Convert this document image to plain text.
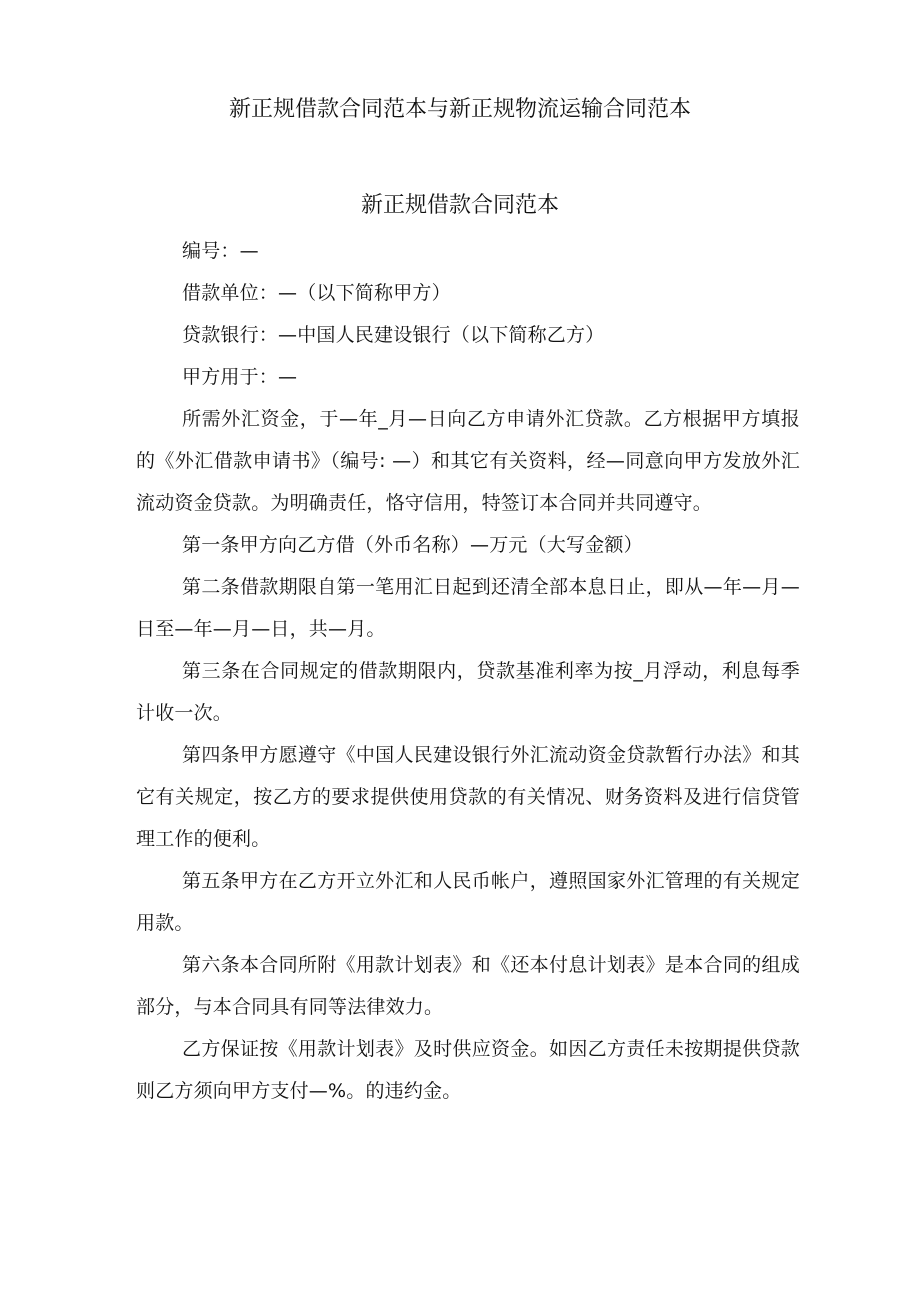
新正规借款合同范本与新正规物流运输合同范本
新正规借款合同范本

编号：—

借款单位：—（以下简称甲方）

贷款银行：—中国人民建设银行（以下简称乙方）

甲方用于：—

所需外汇资金，于—年_月—日向乙方申请外汇贷款。乙方根据甲方填报的《外汇借款申请书》（编号: —）和其它有关资料，经—同意向甲方发放外汇流动资金贷款。为明确责任，恪守信用，特签订本合同并共同遵守。

第一条甲方向乙方借（外币名称）—万元（大写金额）

第二条借款期限自第一笔用汇日起到还清全部本息日止，即从—年—月—日至—年—月—日，共—月。

第三条在合同规定的借款期限内，贷款基准利率为按_月浮动，利息每季计收一次。

第四条甲方愿遵守《中国人民建设银行外汇流动资金贷款暂行办法》和其它有关规定，按乙方的要求提供使用贷款的有关情况、财务资料及进行信贷管理工作的便利。

第五条甲方在乙方开立外汇和人民币帐户，遵照国家外汇管理的有关规定用款。

第六条本合同所附《用款计划表》和《还本付息计划表》是本合同的组成部分，与本合同具有同等法律效力。

乙方保证按《用款计划表》及时供应资金。如因乙方责任未按期提供贷款则乙方须向甲方支付—%。的违约金。
